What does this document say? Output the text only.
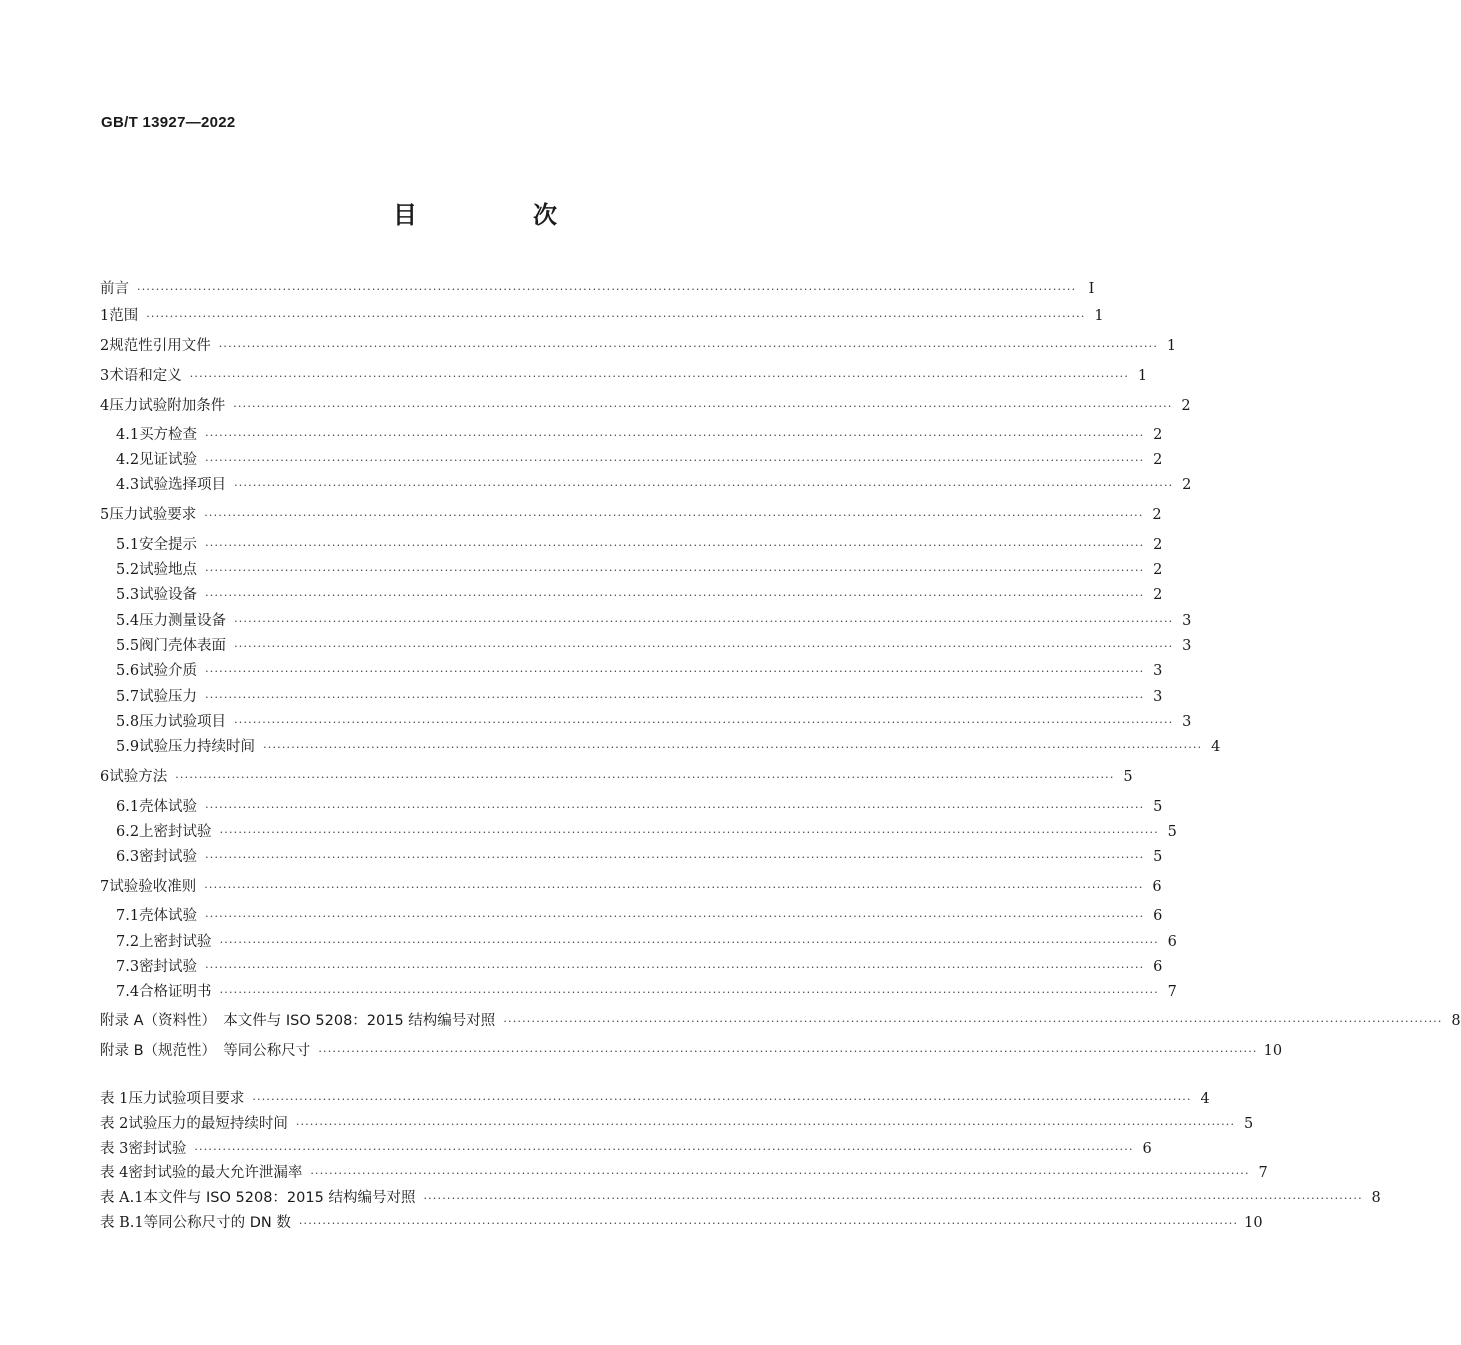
GB/T 13927—2022
目　次
前言 ········································································································································································································ Ⅰ
1 范围 ········································································································································································································ 1
2 规范性引用文件 ········································································································································································································ 1
3 术语和定义 ········································································································································································································ 1
4 压力试验附加条件 ········································································································································································································ 2
4.1 买方检查 ········································································································································································································ 2
4.2 见证试验 ········································································································································································································ 2
4.3 试验选择项目 ········································································································································································································ 2
5 压力试验要求 ········································································································································································································ 2
5.1 安全提示 ········································································································································································································ 2
5.2 试验地点 ········································································································································································································ 2
5.3 试验设备 ········································································································································································································ 2
5.4 压力测量设备 ········································································································································································································ 3
5.5 阀门壳体表面 ········································································································································································································ 3
5.6 试验介质 ········································································································································································································ 3
5.7 试验压力 ········································································································································································································ 3
5.8 压力试验项目 ········································································································································································································ 3
5.9 试验压力持续时间 ········································································································································································································ 4
6 试验方法 ········································································································································································································ 5
6.1 壳体试验 ········································································································································································································ 5
6.2 上密封试验 ········································································································································································································ 5
6.3 密封试验 ········································································································································································································ 5
7 试验验收准则 ········································································································································································································ 6
7.1 壳体试验 ········································································································································································································ 6
7.2 上密封试验 ········································································································································································································ 6
7.3 密封试验 ········································································································································································································ 6
7.4 合格证明书 ········································································································································································································ 7
附录 A（资料性）　本文件与 ISO 5208：2015 结构编号对照 ········································································································································································································ 8
附录 B（规范性）　等同公称尺寸 ········································································································································································································ 10
表 1 压力试验项目要求 ········································································································································································································ 4
表 2 试验压力的最短持续时间 ········································································································································································································ 5
表 3 密封试验 ········································································································································································································ 6
表 4 密封试验的最大允许泄漏率 ········································································································································································································ 7
表 A.1 本文件与 ISO 5208：2015 结构编号对照 ········································································································································································································ 8
表 B.1 等同公称尺寸的 DN 数 ········································································································································································································ 10
